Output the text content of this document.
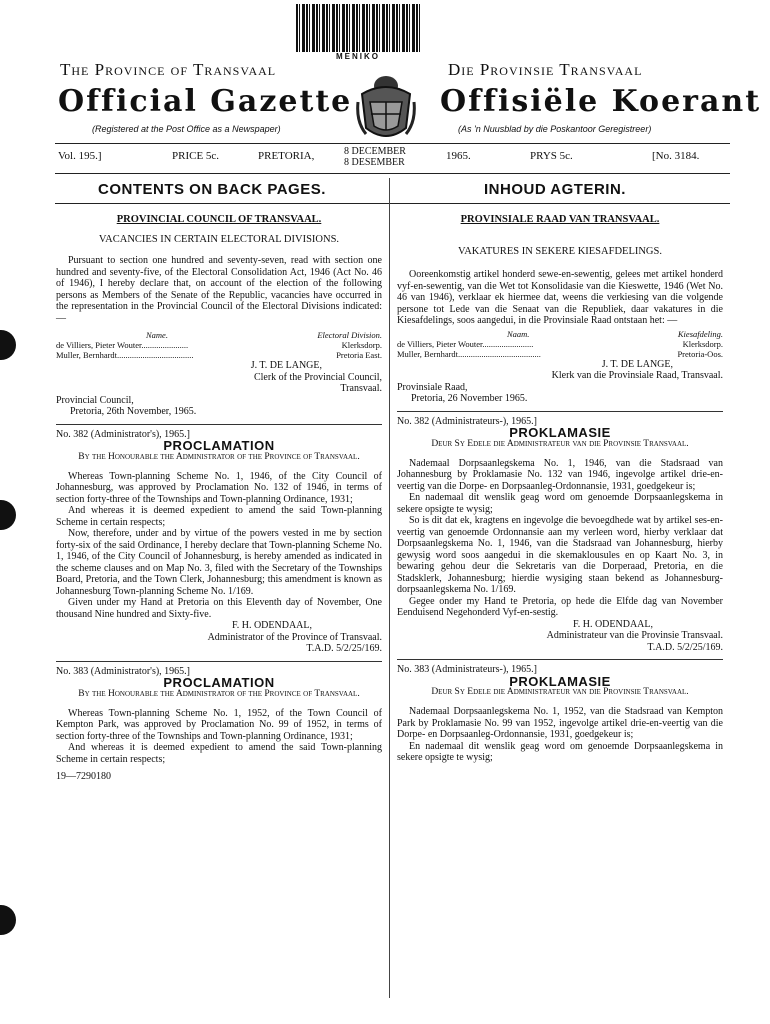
MENIKO
The Province of Transvaal	Die Provinsie Transvaal
Official Gazette	Offisiële Koerant
(Registered at the Post Office as a Newspaper)	(As 'n Nuusblad by die Poskantoor Geregistreer)
Vol. 195.]	PRICE 5c.	PRETORIA,	8 DECEMBER
8 DESEMBER
1965.	PRYS 5c.	[No. 3184.
CONTENTS ON BACK PAGES.	INHOUD AGTERIN.
PROVINCIAL COUNCIL OF TRANSVAAL.
VACANCIES IN CERTAIN ELECTORAL DIVISIONS.
Pursuant to section one hundred and seventy-seven, read with section one hundred and seventy-five, of the Electoral Consolidation Act, 1946 (Act No. 46 of 1946), I hereby declare that, on account of the election of the following persons as Members of the Senate of the Republic, vacancies have occurred in the representation in the Provincial Council of the Electoral Divisions indicated: —
Name.	Electoral Division.
de Villiers, Pieter Wouter......................	Klerksdorp.
Muller, Bernhardt....................................	Pretoria East.
J. T. DE LANGE,
Clerk of the Provincial Council, Transvaal.
Provincial Council,
Pretoria, 26th November, 1965.
No. 382 (Administrator's), 1965.]
PROCLAMATION
By the Honourable the Administrator of the Province of Transvaal.
Whereas Town-planning Scheme No. 1, 1946, of the City Council of Johannesburg, was approved by Proclamation No. 132 of 1946, in terms of section forty-three of the Townships and Town-planning Ordinance, 1931;
And whereas it is deemed expedient to amend the said Town-planning Scheme in certain respects;
Now, therefore, under and by virtue of the powers vested in me by section forty-six of the said Ordinance, I hereby declare that Town-planning Scheme No. 1, 1946, of the City Council of Johannesburg, is hereby amended as indicated in the scheme clauses and on Map No. 3, filed with the Secretary of the Townships Board, Pretoria, and the Town Clerk, Johannesburg; this amendment is known as Johannesburg Town-planning Scheme No. 1/169.
Given under my Hand at Pretoria on this Eleventh day of November, One thousand Nine hundred and Sixty-five.
F. H. ODENDAAL,
Administrator of the Province of Transvaal.
T.A.D. 5/2/25/169.
No. 383 (Administrator's), 1965.]
PROCLAMATION
By the Honourable the Administrator of the Province of Transvaal.
Whereas Town-planning Scheme No. 1, 1952, of the Town Council of Kempton Park, was approved by Proclamation No. 99 of 1952, in terms of section forty-three of the Townships and Town-planning Ordinance, 1931;
And whereas it is deemed expedient to amend the said Town-planning Scheme in certain respects;
19—7290180
PROVINSIALE RAAD VAN TRANSVAAL.
VAKATURES IN SEKERE KIESAFDELINGS.
Ooreenkomstig artikel honderd sewe-en-sewentig, gelees met artikel honderd vyf-en-sewentig, van die Wet tot Konsolidasie van die Kieswette, 1946 (Wet No. 46 van 1946), verklaar ek hiermee dat, weens die verkiesing van die volgende persone tot Lede van die Senaat van die Republiek, daar vakatures in die Kiesafdelings, soos aangedui, in die Provinsiale Raad ontstaan het: —
Naam.	Kiesafdeling.
de Villiers, Pieter Wouter........................	Klerksdorp.
Muller, Bernhardt.......................................	Pretoria-Oos.
J. T. DE LANGE,
Klerk van die Provinsiale Raad, Transvaal.
Provinsiale Raad,
Pretoria, 26 November 1965.
No. 382 (Administrateurs-), 1965.]
PROKLAMASIE
Deur Sy Edele die Administrateur van die Provinsie Transvaal.
Nademaal Dorpsaanlegskema No. 1, 1946, van die Stadsraad van Johannesburg by Proklamasie No. 132 van 1946, ingevolge artikel drie-en-veertig van die Dorpe- en Dorpsaanleg-Ordonnansie, 1931, goedgekeur is;
En nademaal dit wenslik geag word om genoemde Dorpsaanlegskema in sekere opsigte te wysig;
So is dit dat ek, kragtens en ingevolge die bevoegdhede wat by artikel ses-en-veertig van genoemde Ordonnansie aan my verleen word, hierby verklaar dat Dorpsaanlegskema No. 1, 1946, van die Stadsraad van Johannesburg, hierby gewysig word soos aangedui in die skemaklousules en op Kaart No. 3, in bewaring gehou deur die Sekretaris van die Dorperaad, Pretoria, en die Stadsklerk, Johannesburg; hierdie wysiging staan bekend as Johannesburg-dorpsaanlegskema No. 1/169.
Gegee onder my Hand te Pretoria, op hede die Elfde dag van November Eenduisend Negehonderd Vyf-en-sestig.
F. H. ODENDAAL,
Administrateur van die Provinsie Transvaal.
T.A.D. 5/2/25/169.
No. 383 (Administrateurs-), 1965.]
PROKLAMASIE
Deur Sy Edele die Administrateur van die Provinsie Transvaal.
Nademaal Dorpsaanlegskema No. 1, 1952, van die Stadsraad van Kempton Park by Proklamasie No. 99 van 1952, ingevolge artikel drie-en-veertig van die Dorpe- en Dorpsaanleg-Ordonnansie, 1931, goedgekeur is;
En nademaal dit wenslik geag word om genoemde Dorpsaanlegskema in sekere opsigte te wysig;
